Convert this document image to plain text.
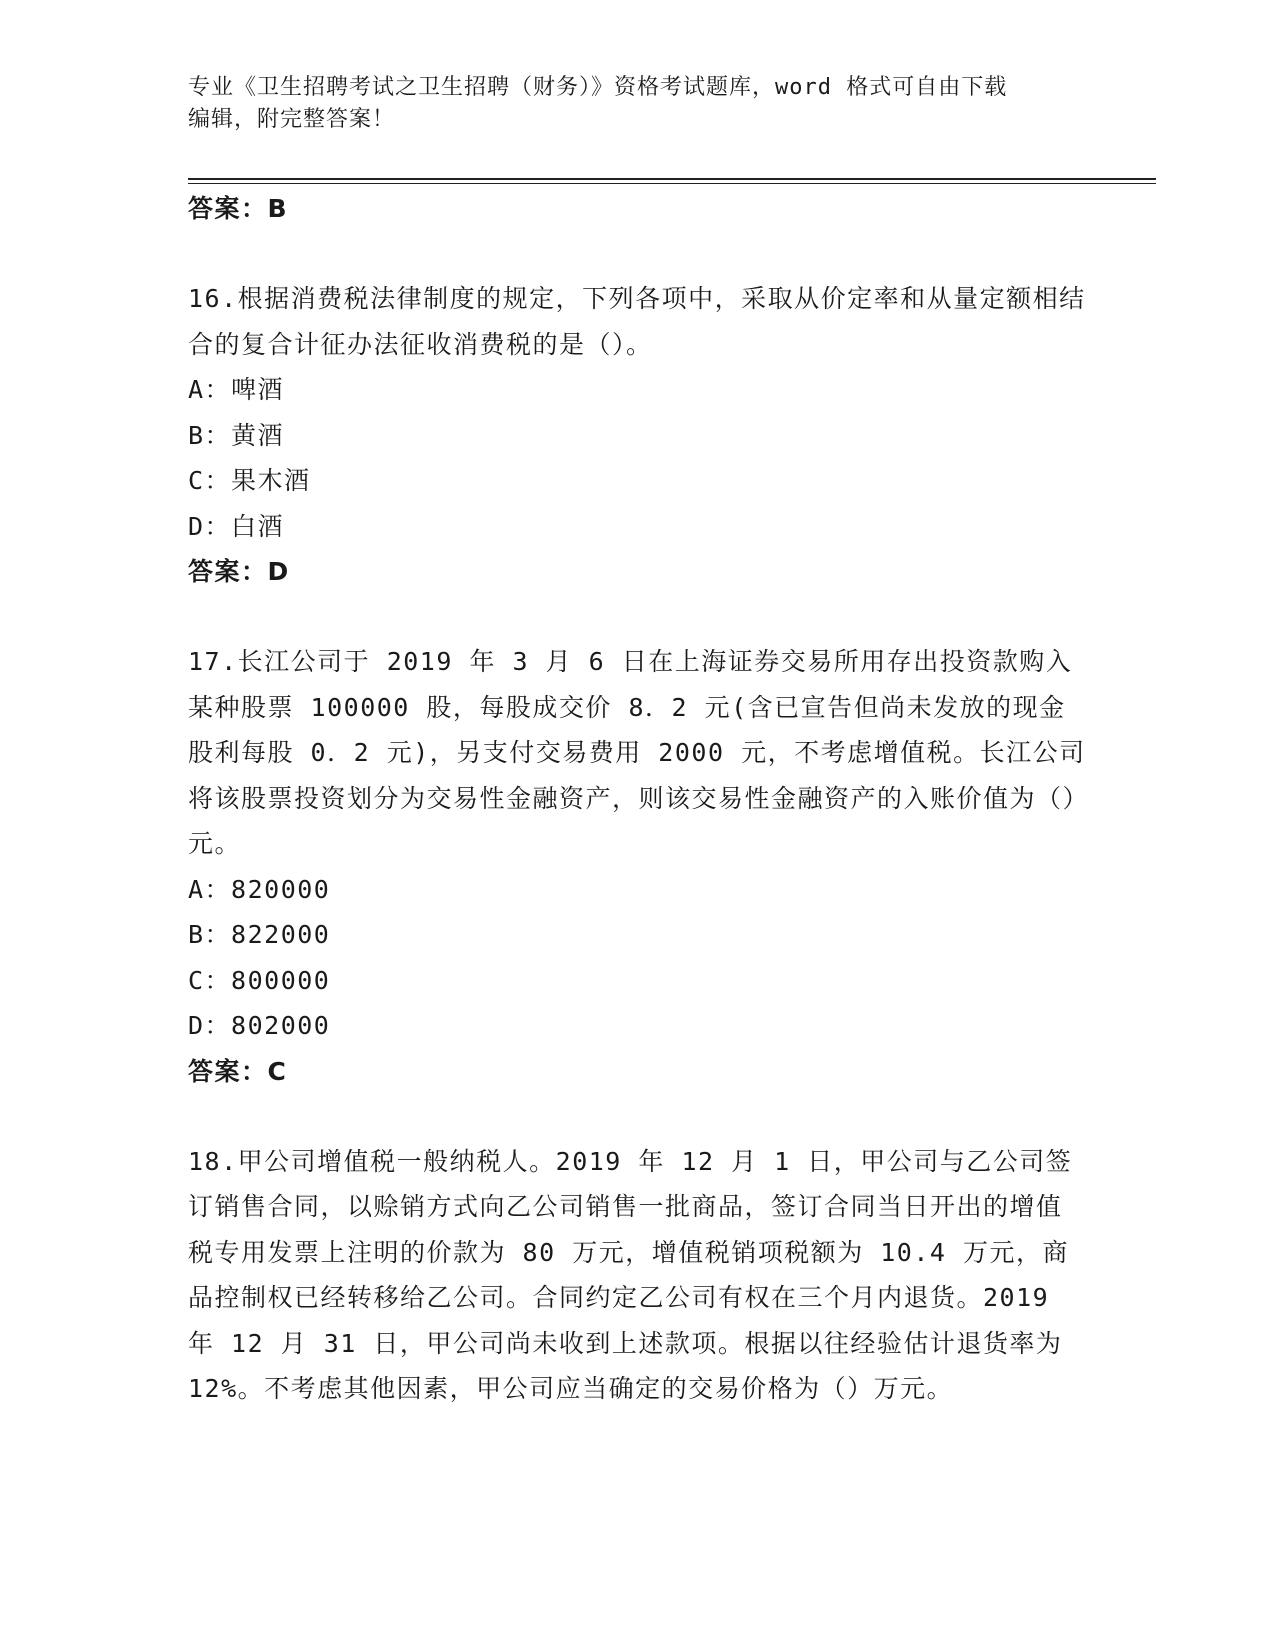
专业《卫生招聘考试之卫生招聘（财务）》资格考试题库，word 格式可自由下载
编辑，附完整答案！

答案：B

16.根据消费税法律制度的规定，下列各项中，采取从价定率和从量定额相结合的复合计征办法征收消费税的是（）。

A：啤酒

B：黄酒

C：果木酒

D：白酒

答案：D

17.长江公司于 2019 年 3 月 6 日在上海证券交易所用存出投资款购入某种股票 100000 股，每股成交价 8．2 元(含已宣告但尚未发放的现金股利每股 0．2 元)，另支付交易费用 2000 元，不考虑增值税。长江公司将该股票投资划分为交易性金融资产，则该交易性金融资产的入账价值为（）元。

A：820000

B：822000

C：800000

D：802000

答案：C

18.甲公司增值税一般纳税人。2019 年 12 月 1 日，甲公司与乙公司签订销售合同，以赊销方式向乙公司销售一批商品，签订合同当日开出的增值税专用发票上注明的价款为 80 万元，增值税销项税额为 10.4 万元，商品控制权已经转移给乙公司。合同约定乙公司有权在三个月内退货。2019 年 12 月 31 日，甲公司尚未收到上述款项。根据以往经验估计退货率为 12%。不考虑其他因素，甲公司应当确定的交易价格为（）万元。
